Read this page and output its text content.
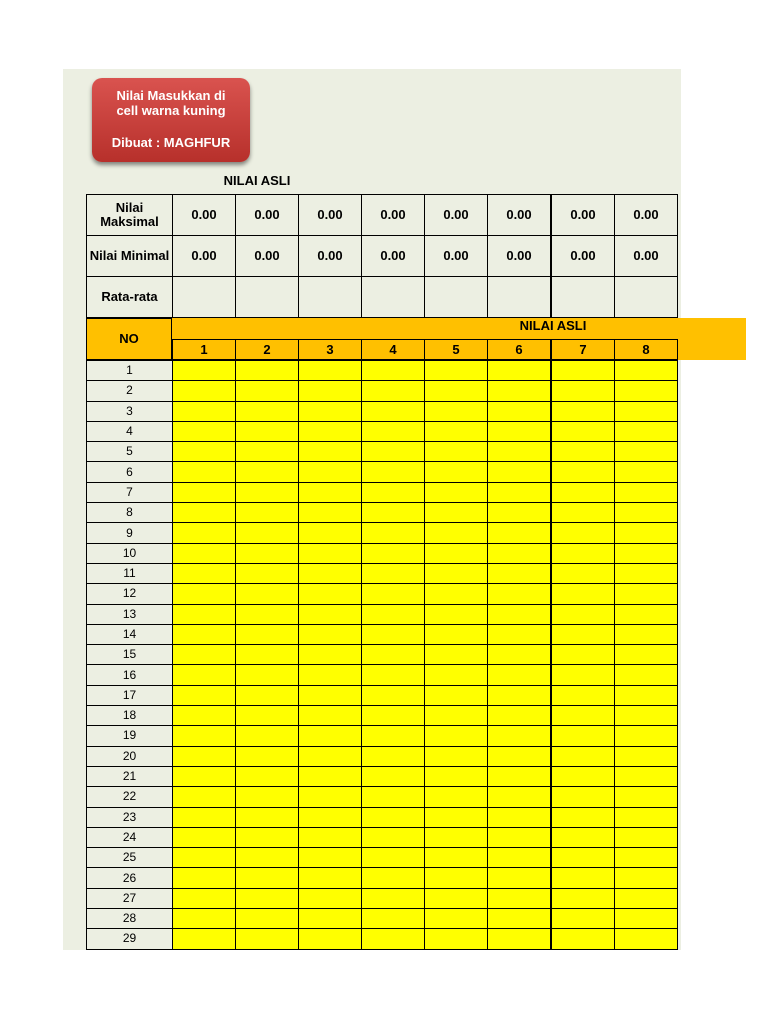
Nilai Masukkan di
cell warna kuning
Dibuat : MAGHFUR
NILAI ASLI
Nilai Maksimal	0.00	0.00	0.00	0.00	0.00	0.00	0.00	0.00
Nilai Minimal	0.00	0.00	0.00	0.00	0.00	0.00	0.00	0.00
Rata-rata								
NILAI ASLI
NO
1	2	3	4	5	6	7	8
1								
2								
3								
4								
5								
6								
7								
8								
9								
10								
11								
12								
13								
14								
15								
16								
17								
18								
19								
20								
21								
22								
23								
24								
25								
26								
27								
28								
29								
